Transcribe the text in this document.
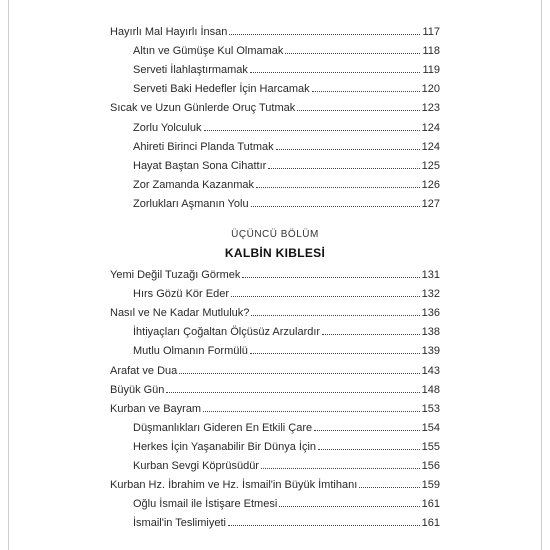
Hayırlı Mal Hayırlı İnsan	117
Altın ve Gümüşe Kul Olmamak	118
Serveti İlahlaştırmamak	119
Serveti Baki Hedefler İçin Harcamak	120
Sıcak ve Uzun Günlerde Oruç Tutmak	123
Zorlu Yolculuk	124
Ahireti Birinci Planda Tutmak	124
Hayat Baştan Sona Cihattır	125
Zor Zamanda Kazanmak	126
Zorlukları Aşmanın Yolu	127
ÜÇÜNCÜ BÖLÜM
KALBİN KIBLESİ
Yemi Değil Tuzağı Görmek	131
Hırs Gözü Kör Eder	132
Nasıl ve Ne Kadar Mutluluk?	136
İhtiyaçları Çoğaltan Ölçüsüz Arzulardır	138
Mutlu Olmanın Formülü	139
Arafat ve Dua	143
Büyük Gün	148
Kurban ve Bayram	153
Düşmanlıkları Gideren En Etkili Çare	154
Herkes İçin Yaşanabilir Bir Dünya İçin	155
Kurban Sevgi Köprüsüdür	156
Kurban Hz. İbrahim ve Hz. İsmail'in Büyük İmtihanı	159
Oğlu İsmail ile İstişare Etmesi	161
İsmail'in Teslimiyeti	161
